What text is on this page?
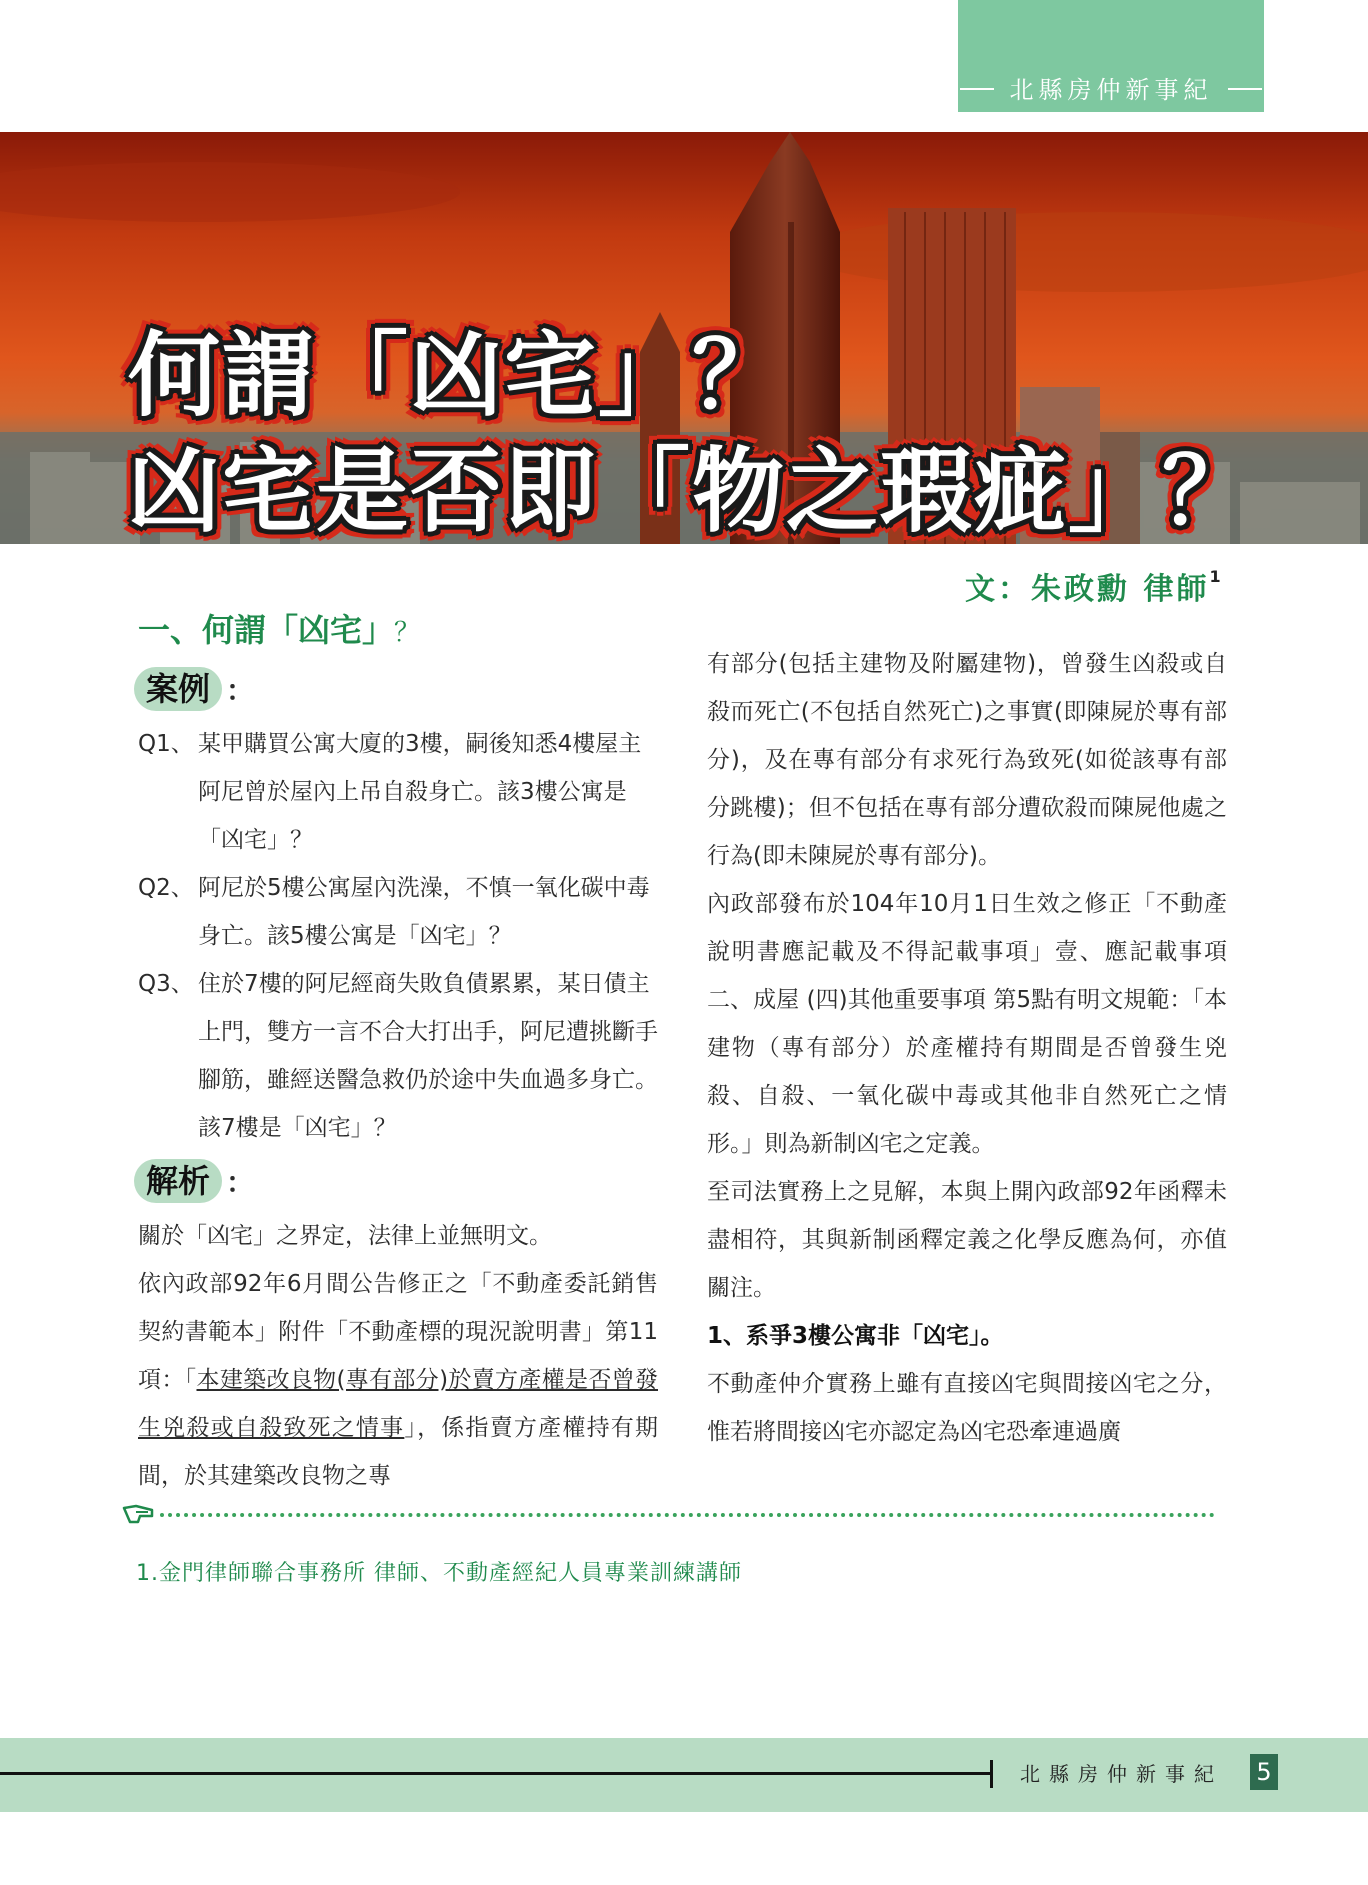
北縣房仲新事紀
何謂「凶宅」？
凶宅是否即「物之瑕疵」？
文：朱政勳 律師$^1$
一、何謂「凶宅」？
案例 ：
Q1、 某甲購買公寓大廈的3樓，嗣後知悉4樓屋主阿尼曾於屋內上吊自殺身亡。該3樓公寓是「凶宅」？
Q2、 阿尼於5樓公寓屋內洗澡，不慎一氧化碳中毒身亡。該5樓公寓是「凶宅」？
Q3、 住於7樓的阿尼經商失敗負債累累，某日債主上門，雙方一言不合大打出手，阿尼遭挑斷手腳筋，雖經送醫急救仍於途中失血過多身亡。該7樓是「凶宅」？
解析 ：
關於「凶宅」之界定，法律上並無明文。
依內政部92年6月間公告修正之「不動產委託銷售契約書範本」附件「不動產標的現況說明書」第11項：「本建築改良物(專有部分)於賣方產權是否曾發生兇殺或自殺致死之情事」，係指賣方產權持有期間，於其建築改良物之專
有部分(包括主建物及附屬建物)，曾發生凶殺或自殺而死亡(不包括自然死亡)之事實(即陳屍於專有部分)，及在專有部分有求死行為致死(如從該專有部分跳樓)；但不包括在專有部分遭砍殺而陳屍他處之行為(即未陳屍於專有部分)。
內政部發布於104年10月1日生效之修正「不動產說明書應記載及不得記載事項」壹、應記載事項 二、成屋 (四)其他重要事項 第5點有明文規範：「本建物（專有部分）於產權持有期間是否曾發生兇殺、自殺、一氧化碳中毒或其他非自然死亡之情形。」則為新制凶宅之定義。
至司法實務上之見解，本與上開內政部92年函釋未盡相符，其與新制函釋定義之化學反應為何，亦值關注。
1、系爭3樓公寓非「凶宅」。
不動產仲介實務上雖有直接凶宅與間接凶宅之分，惟若將間接凶宅亦認定為凶宅恐牽連過廣
1.金門律師聯合事務所 律師、不動產經紀人員專業訓練講師
北縣房仲新事紀 5
